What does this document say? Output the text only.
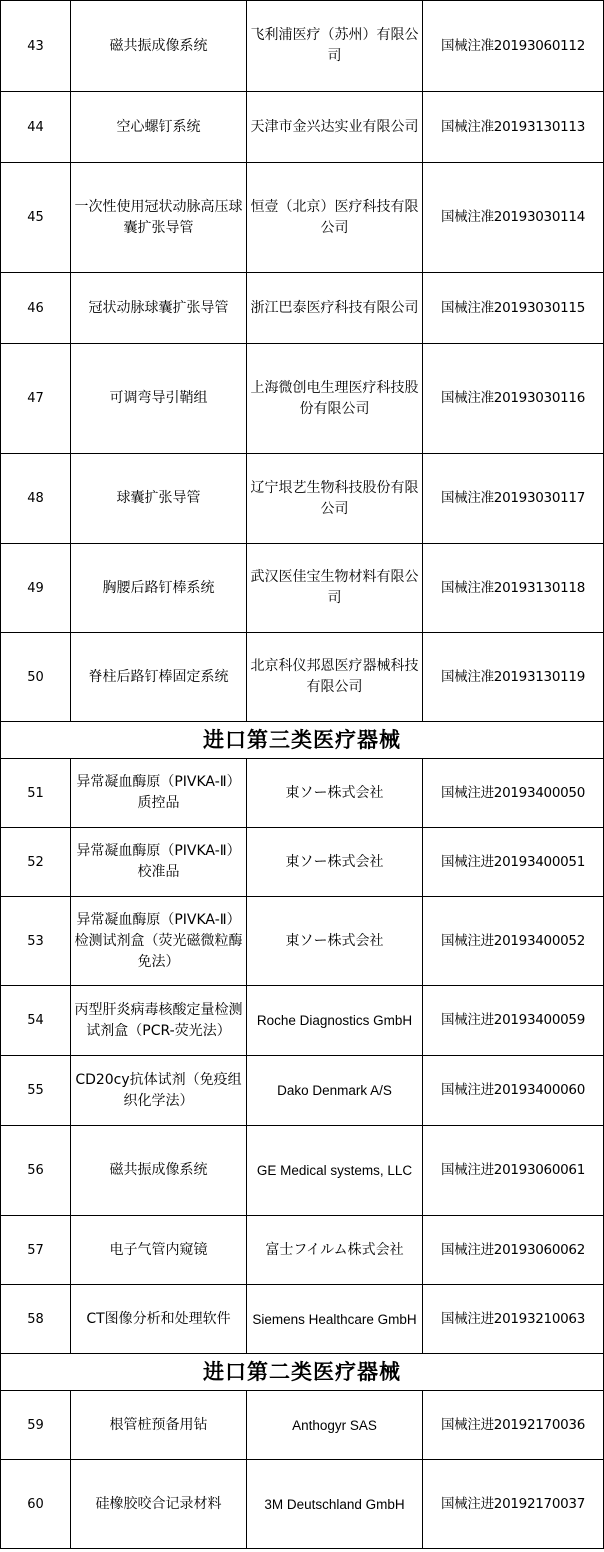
43	磁共振成像系统	飞利浦医疗（苏州）有限公司	国械注准20193060112
44	空心螺钉系统	天津市金兴达实业有限公司	国械注准20193130113
45	一次性使用冠状动脉高压球囊扩张导管	恒壹（北京）医疗科技有限公司	国械注准20193030114
46	冠状动脉球囊扩张导管	浙江巴泰医疗科技有限公司	国械注准20193030115
47	可调弯导引鞘组	上海微创电生理医疗科技股份有限公司	国械注准20193030116
48	球囊扩张导管	辽宁垠艺生物科技股份有限公司	国械注准20193030117
49	胸腰后路钉棒系统	武汉医佳宝生物材料有限公司	国械注准20193130118
50	脊柱后路钉棒固定系统	北京科仪邦恩医疗器械科技有限公司	国械注准20193130119
进口第三类医疗器械			
51	异常凝血酶原（PIVKA-Ⅱ）质控品	東ソー株式会社	国械注进20193400050
52	异常凝血酶原（PIVKA-Ⅱ）校准品	東ソー株式会社	国械注进20193400051
53	异常凝血酶原（PIVKA-Ⅱ）检测试剂盒（荧光磁微粒酶免法）	東ソー株式会社	国械注进20193400052
54	丙型肝炎病毒核酸定量检测试剂盒（PCR-荧光法）	Roche Diagnostics GmbH	国械注进20193400059
55	CD20cy抗体试剂（免疫组织化学法）	Dako Denmark A/S	国械注进20193400060
56	磁共振成像系统	GE Medical systems, LLC	国械注进20193060061
57	电子气管内窥镜	富士フイルム株式会社	国械注进20193060062
58	CT图像分析和处理软件	Siemens Healthcare GmbH	国械注进20193210063
进口第二类医疗器械			
59	根管桩预备用钻	Anthogyr SAS	国械注进20192170036
60	硅橡胶咬合记录材料	3M Deutschland GmbH	国械注进20192170037
